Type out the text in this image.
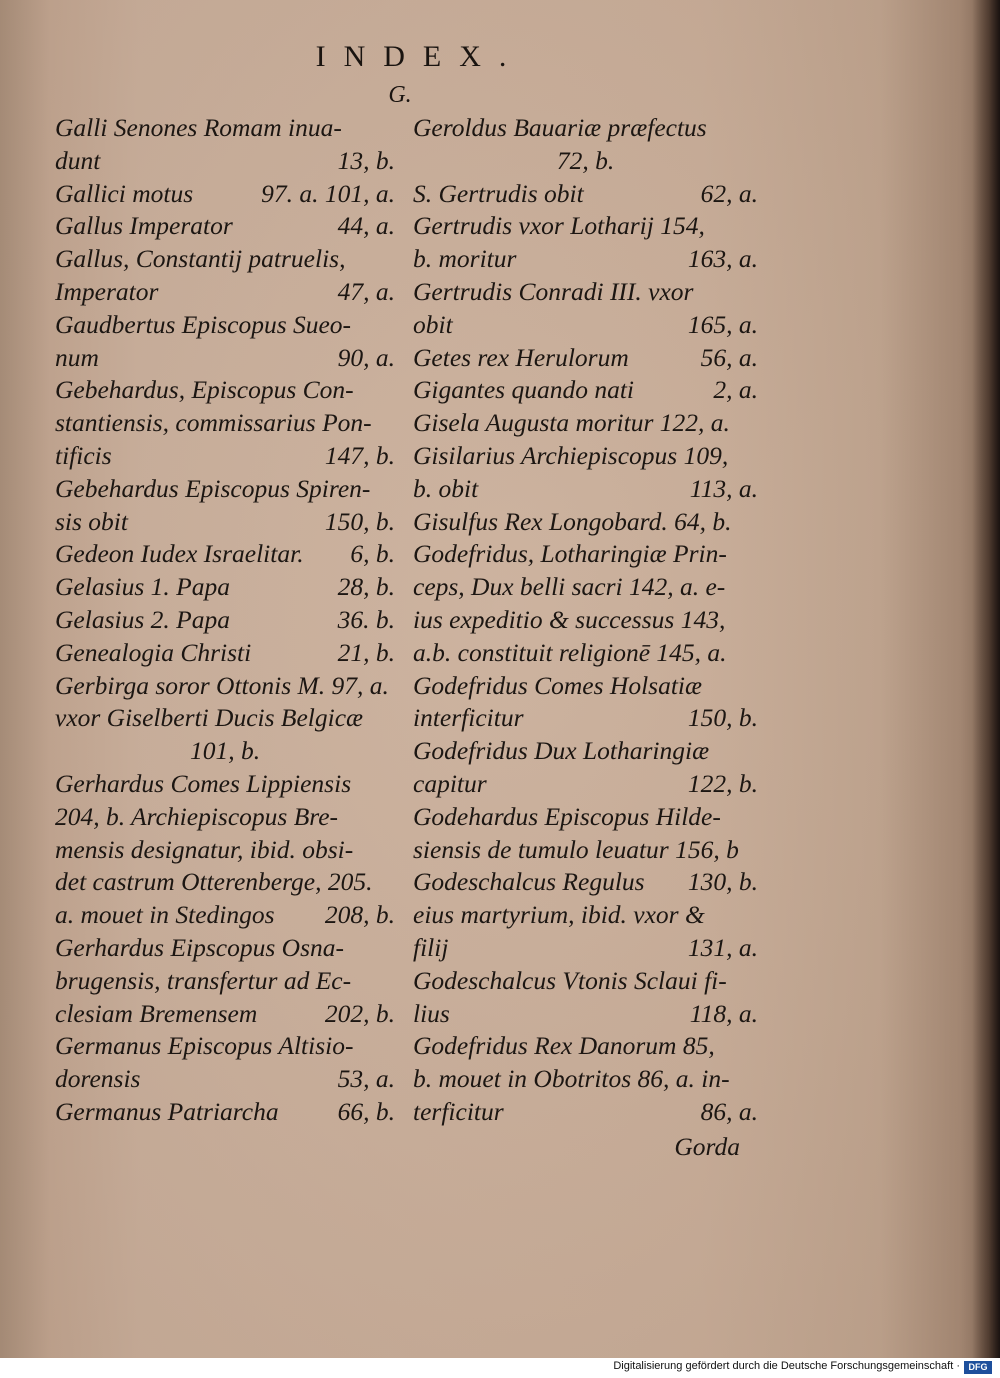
INDEX.
G.
Galli Senones Romam inua-
dunt	13, b.
Gallici motus	97. a. 101, a.
Gallus Imperator	44, a.
Gallus, Constantij patruelis,
Imperator	47, a.
Gaudbertus Episcopus Sueo-
num	90, a.
Gebehardus, Episcopus Con-
stantiensis, commissarius Pon-
tificis	147, b.
Gebehardus Episcopus Spiren-
sis obit	150, b.
Gedeon Iudex Israelitar. 6, b.
Gelasius 1. Papa	28, b.
Gelasius 2. Papa	36. b.
Genealogia Christi	21, b.
Gerbirga soror Ottonis M. 97, a.
vxor Giselberti Ducis Belgicæ
101, b.
Gerhardus Comes Lippiensis
204, b. Archiepiscopus Bre-
mensis designatur, ibid. obsi-
det castrum Otterenberge, 205.
a. mouet in Stedingos 208, b.
Gerhardus Eipscopus Osna-
brugensis, transfertur ad Ec-
clesiam Bremensem	202, b.
Germanus Episcopus Altisio-
dorensis	53, a.
Germanus Patriarcha 66, b.
Geroldus Bauariæ præfectus
72, b.
S. Gertrudis obit	62, a.
Gertrudis vxor Lotharij 154,
b. moritur	163, a.
Gertrudis Conradi III. vxor
obit	165, a.
Getes rex Herulorum	56, a.
Gigantes quando nati	2, a.
Gisela Augusta moritur 122, a.
Gisilarius Archiepiscopus 109,
b. obit	113, a.
Gisulfus Rex Longobard. 64, b.
Godefridus, Lotharingiæ Prin-
ceps, Dux belli sacri 142, a. e-
ius expeditio & successus 143,
a.b. constituit religionē 145, a.
Godefridus Comes Holsatiæ
interficitur	150, b.
Godefridus Dux Lotharingiæ
capitur	122, b.
Godehardus Episcopus Hilde-
siensis de tumulo leuatur 156, b
Godeschalcus Regulus 130, b.
eius martyrium, ibid. vxor &
filij	131, a.
Godeschalcus Vtonis Sclaui fi-
lius	118, a.
Godefridus Rex Danorum 85,
b. mouet in Obotritos 86, a. in-
terficitur	86, a.
Gorda
Digitalisierung gefördert durch die Deutsche Forschungsgemeinschaft · DFG
